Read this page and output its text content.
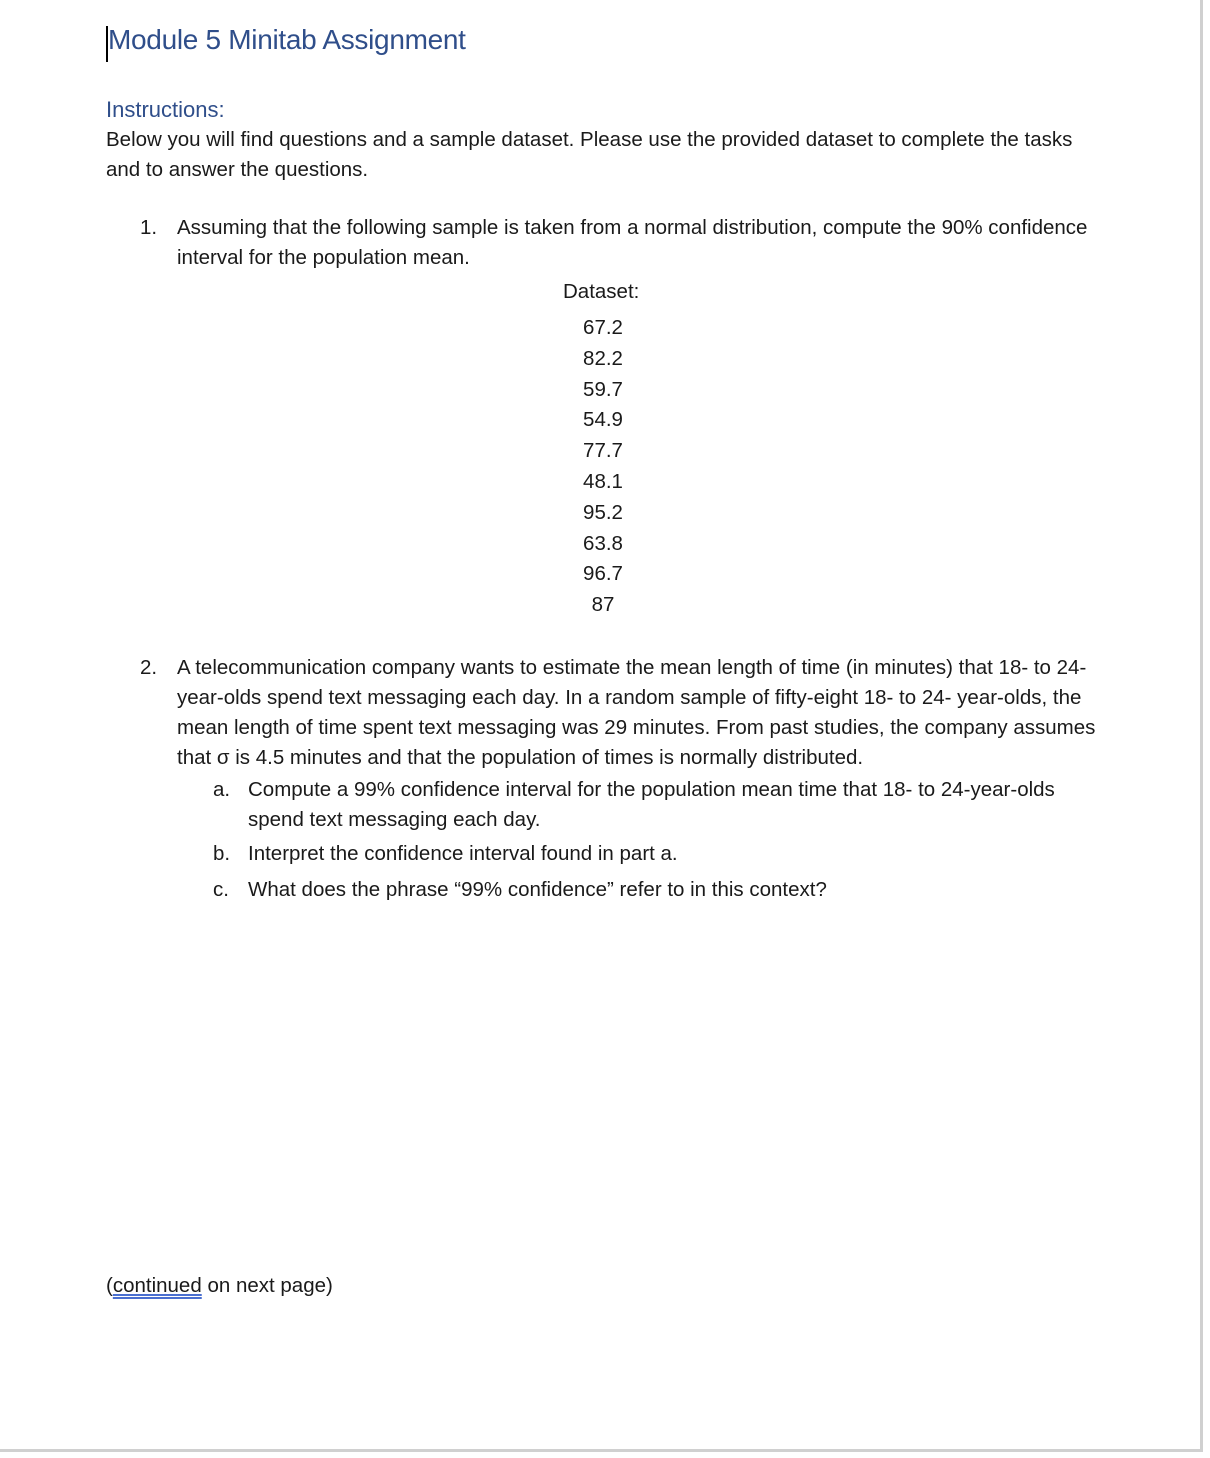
Module 5 Minitab Assignment
Instructions:
Below you will find questions and a sample dataset. Please use the provided dataset to complete the tasks and to answer the questions.
1. Assuming that the following sample is taken from a normal distribution, compute the 90% confidence interval for the population mean.
Dataset:
67.2
82.2
59.7
54.9
77.7
48.1
95.2
63.8
96.7
87
2. A telecommunication company wants to estimate the mean length of time (in minutes) that 18- to 24- year-olds spend text messaging each day. In a random sample of fifty-eight 18- to 24- year-olds, the mean length of time spent text messaging was 29 minutes. From past studies, the company assumes that σ is 4.5 minutes and that the population of times is normally distributed.
a. Compute a 99% confidence interval for the population mean time that 18- to 24-year-olds spend text messaging each day.
b. Interpret the confidence interval found in part a.
c. What does the phrase “99% confidence” refer to in this context?
(continued on next page)
